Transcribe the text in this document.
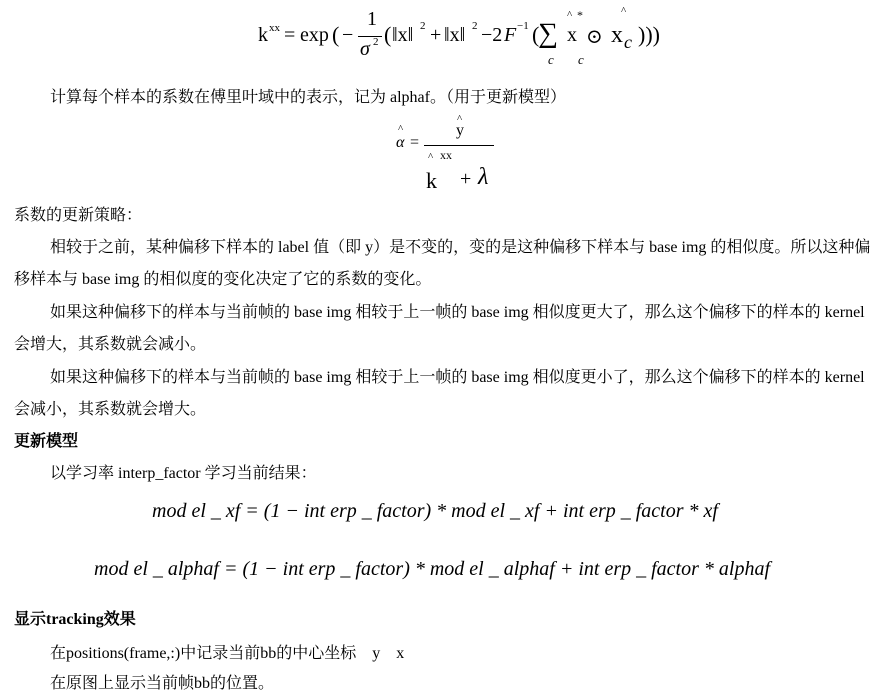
k xx = exp ( −
1
σ 2 ( ‖x‖ 2 + ‖x‖ 2 −2 F −1 (
∑
c
^
x
*
c
⊙
^
x c )))
计算每个样本的系数在傅里叶域中的表示，记为 alphaf。（用于更新模型）
^
α =
^
y
^ xx
k + λ
系数的更新策略：
相较于之前，某种偏移下样本的 label 值（即 y）是不变的，变的是这种偏移下样本与 base img 的相似度。所以这种偏移样本与 base img 的相似度的变化决定了它的系数的变化。
如果这种偏移下的样本与当前帧的 base img 相较于上一帧的 base img 相似度更大了，那么这个偏移下的样本的 kernel 会增大，其系数就会减小。
如果这种偏移下的样本与当前帧的 base img 相较于上一帧的 base img 相似度更小了，那么这个偏移下的样本的 kernel 会减小，其系数就会增大。
更新模型
以学习率 interp_factor 学习当前结果：
mod el _ xf = (1 − int erp _ factor) * mod el _ xf + int erp _ factor * xf
mod el _ alphaf = (1 − int erp _ factor) * mod el _ alphaf + int erp _ factor * alphaf
显示tracking效果
在positions(frame,:)中记录当前bb的中心坐标    y    x
在原图上显示当前帧bb的位置。
